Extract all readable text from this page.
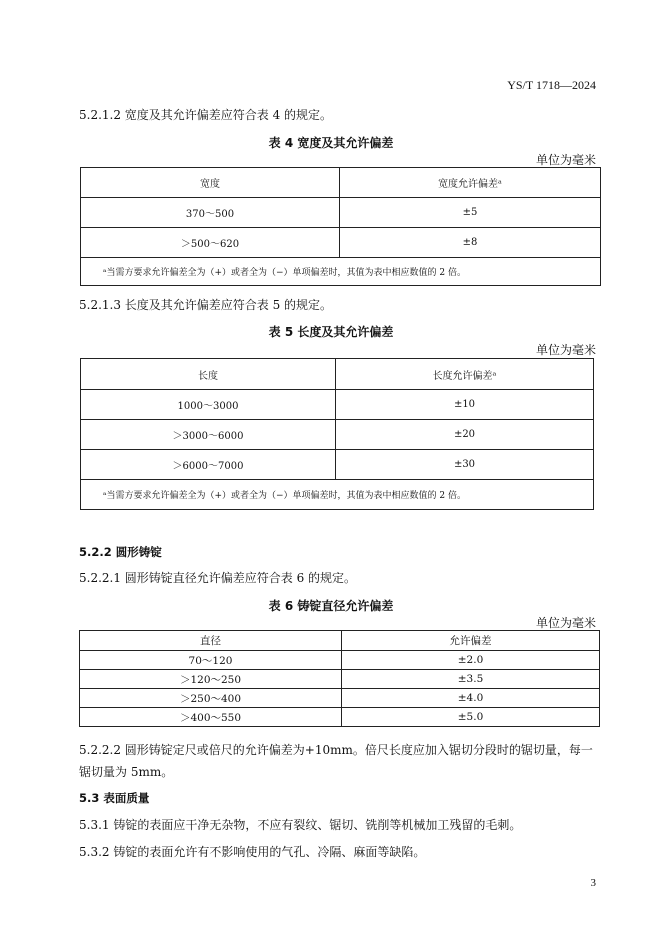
YS/T 1718—2024
5.2.1.2 宽度及其允许偏差应符合表 4 的规定。
表 4 宽度及其允许偏差
单位为毫米
宽度	宽度允许偏差ᵃ
370～500	±5
＞500～620	±8
ᵃ当需方要求允许偏差全为（+）或者全为（−）单项偏差时，其值为表中相应数值的 2 倍。	
5.2.1.3 长度及其允许偏差应符合表 5 的规定。
表 5 长度及其允许偏差
单位为毫米
长度	长度允许偏差ᵃ
1000～3000	±10
＞3000～6000	±20
＞6000～7000	±30
ᵃ当需方要求允许偏差全为（+）或者全为（−）单项偏差时，其值为表中相应数值的 2 倍。	
5.2.2 圆形铸锭
5.2.2.1 圆形铸锭直径允许偏差应符合表 6 的规定。
表 6 铸锭直径允许偏差
单位为毫米
直径	允许偏差
70～120	±2.0
＞120～250	±3.5
＞250～400	±4.0
＞400～550	±5.0
5.2.2.2 圆形铸锭定尺或倍尺的允许偏差为+10mm。倍尺长度应加入锯切分段时的锯切量，每一锯切量为 5mm。
5.3 表面质量
5.3.1 铸锭的表面应干净无杂物，不应有裂纹、锯切、铣削等机械加工残留的毛刺。
5.3.2 铸锭的表面允许有不影响使用的气孔、冷隔、麻面等缺陷。
3
